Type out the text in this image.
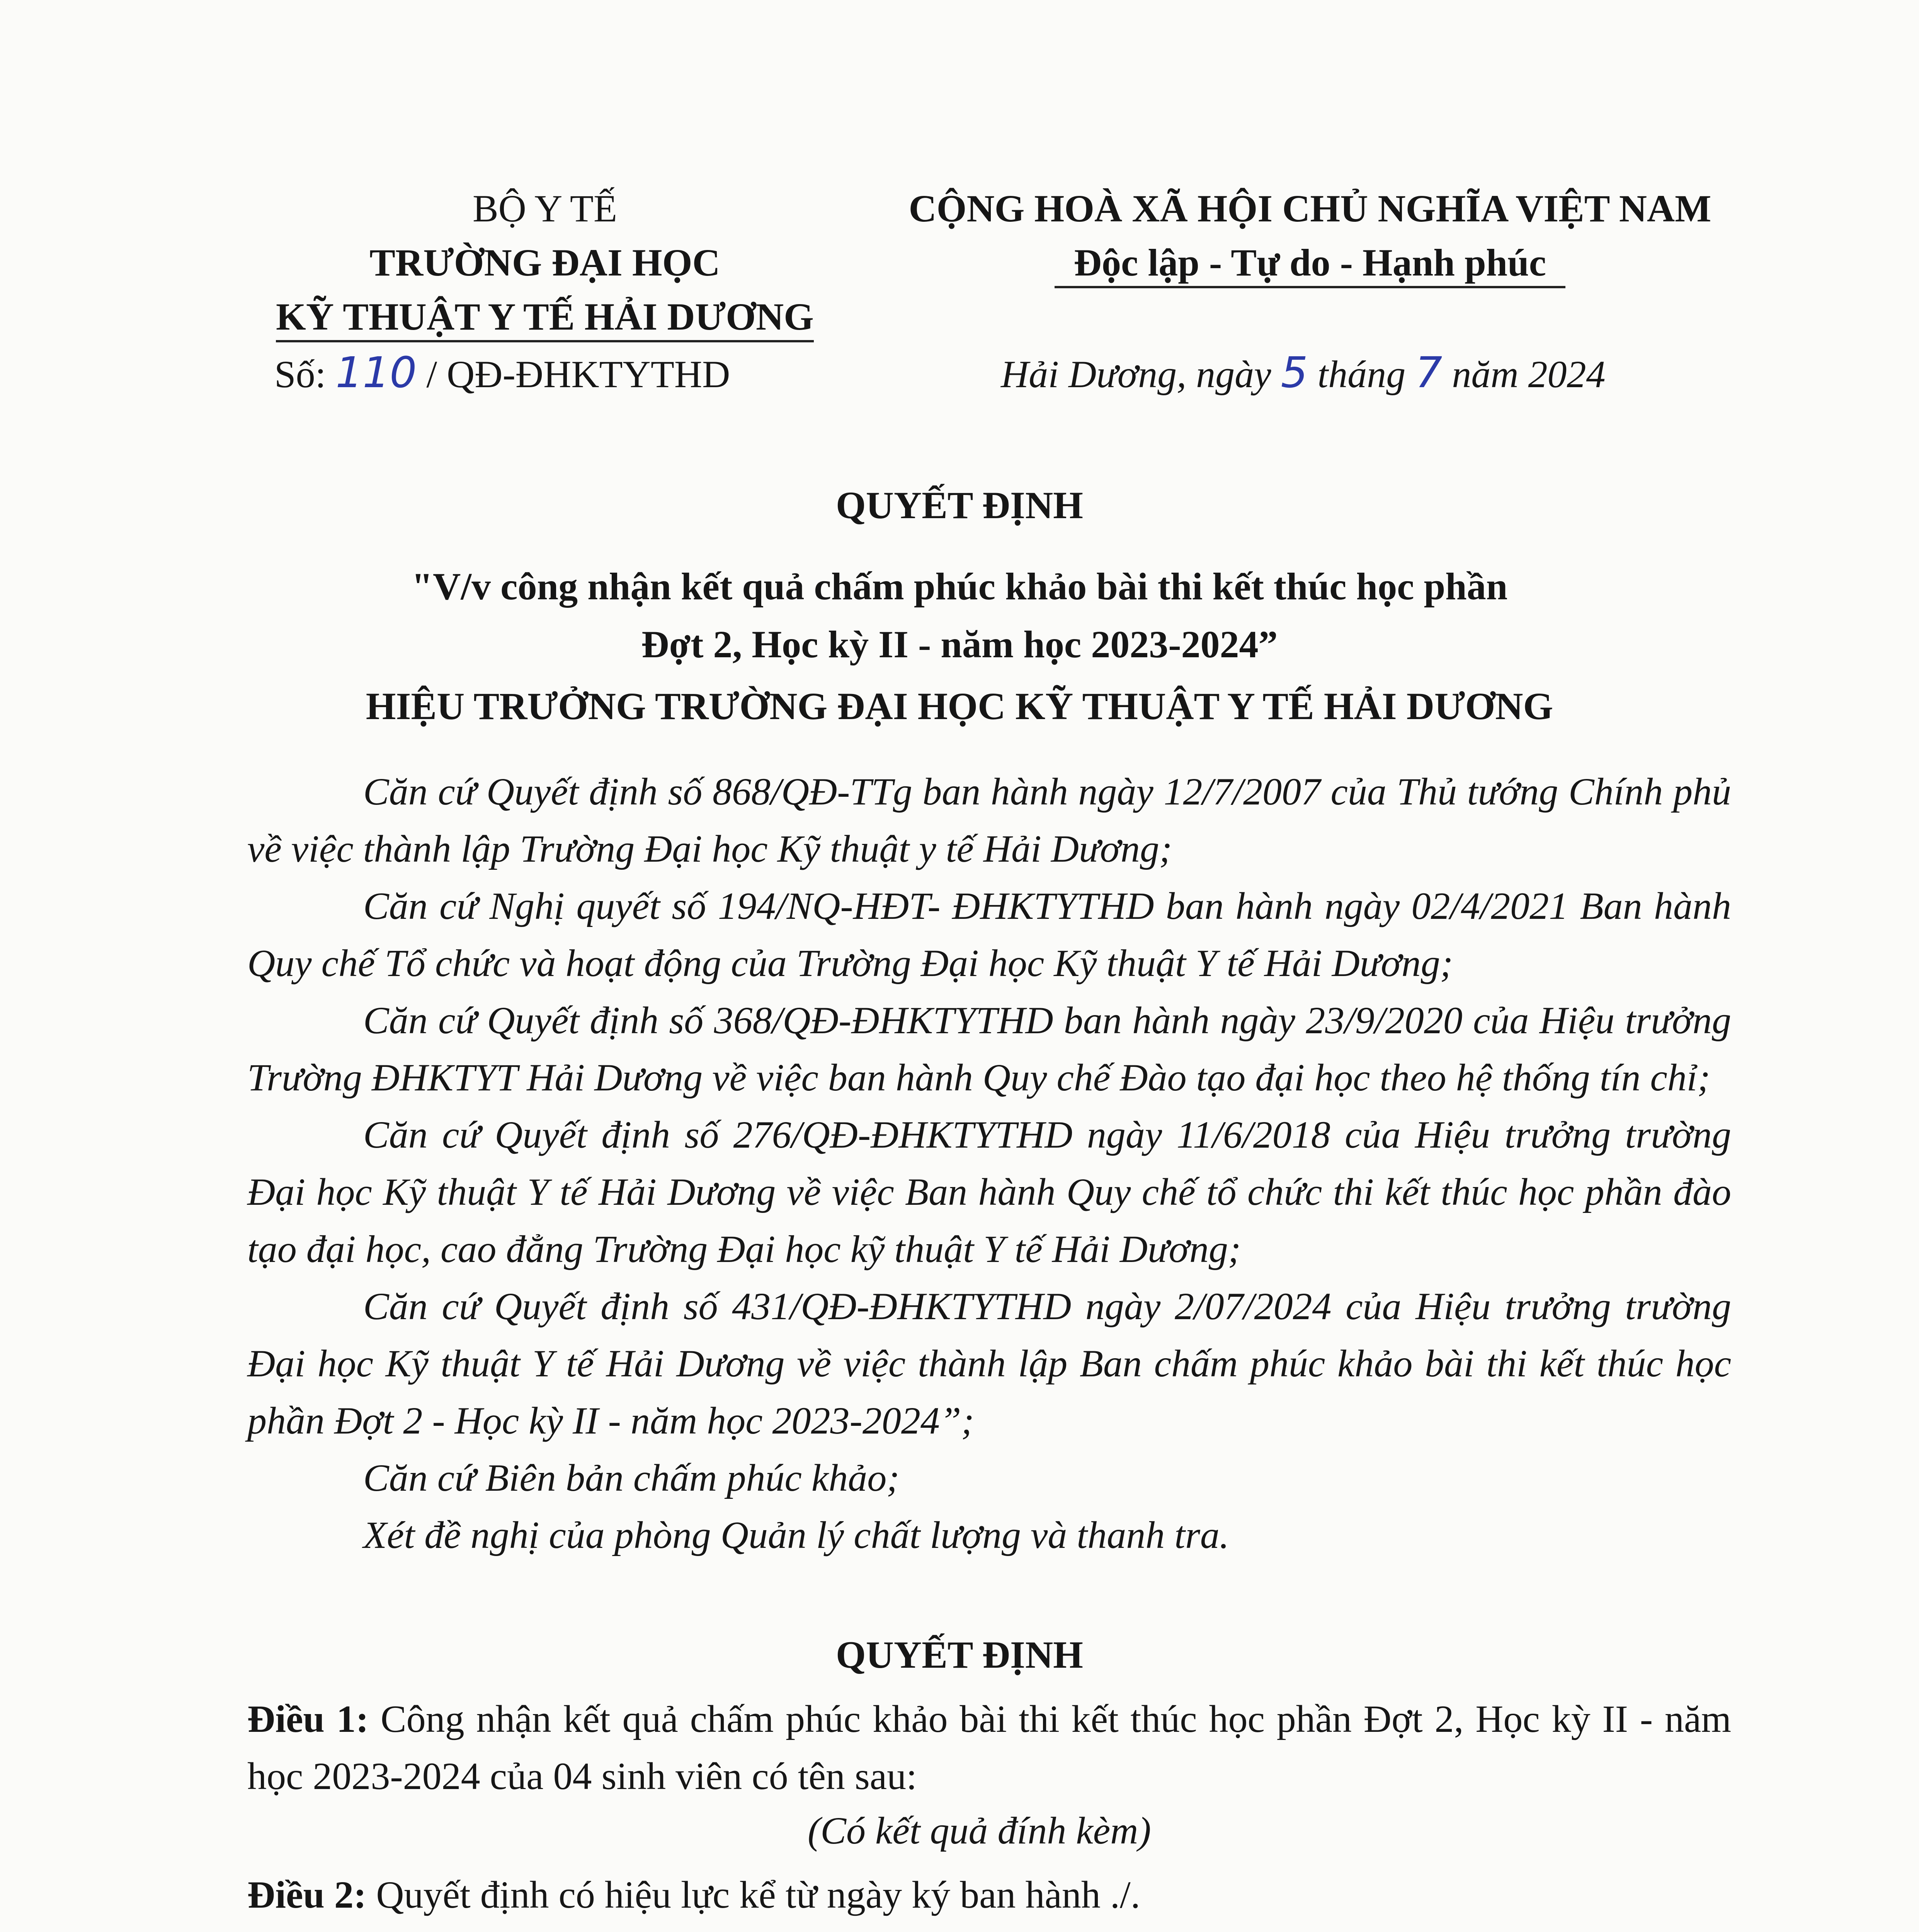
BỘ Y TẾ
TRƯỜNG ĐẠI HỌC
KỸ THUẬT Y TẾ HẢI DƯƠNG
Số: 110 / QĐ-ĐHKTYTHD
CỘNG HOÀ XÃ HỘI CHỦ NGHĨA VIỆT NAM
Độc lập - Tự do - Hạnh phúc
Hải Dương, ngày 5 tháng 7 năm 2024
QUYẾT ĐỊNH
"V/v công nhận kết quả chấm phúc khảo bài thi kết thúc học phần
Đợt 2, Học kỳ II - năm học 2023-2024”
HIỆU TRƯỞNG TRƯỜNG ĐẠI HỌC KỸ THUẬT Y TẾ HẢI DƯƠNG

Căn cứ Quyết định số 868/QĐ-TTg ban hành ngày 12/7/2007 của Thủ tướng Chính phủ về việc thành lập Trường Đại học Kỹ thuật y tế Hải Dương;

Căn cứ Nghị quyết số 194/NQ-HĐT- ĐHKTYTHD ban hành ngày 02/4/2021 Ban hành Quy chế Tổ chức và hoạt động của Trường Đại học Kỹ thuật Y tế Hải Dương;

Căn cứ Quyết định số 368/QĐ-ĐHKTYTHD ban hành ngày 23/9/2020 của Hiệu trưởng Trường ĐHKTYT Hải Dương về việc ban hành Quy chế Đào tạo đại học theo hệ thống tín chỉ;

Căn cứ Quyết định số 276/QĐ-ĐHKTYTHD ngày 11/6/2018 của Hiệu trưởng trường Đại học Kỹ thuật Y tế Hải Dương về việc Ban hành Quy chế tổ chức thi kết thúc học phần đào tạo đại học, cao đẳng Trường Đại học kỹ thuật Y tế Hải Dương;

Căn cứ Quyết định số 431/QĐ-ĐHKTYTHD ngày 2/07/2024 của Hiệu trưởng trường Đại học Kỹ thuật Y tế Hải Dương về việc thành lập Ban chấm phúc khảo bài thi kết thúc học phần Đợt 2 - Học kỳ II - năm học 2023-2024”;

Căn cứ Biên bản chấm phúc khảo;

Xét đề nghị của phòng Quản lý chất lượng và thanh tra.

QUYẾT ĐỊNH
Điều 1: Công nhận kết quả chấm phúc khảo bài thi kết thúc học phần Đợt 2, Học kỳ II - năm học 2023-2024 của 04 sinh viên có tên sau:
(Có kết quả đính kèm)
Điều 2: Quyết định có hiệu lực kể từ ngày ký ban hành ./.
